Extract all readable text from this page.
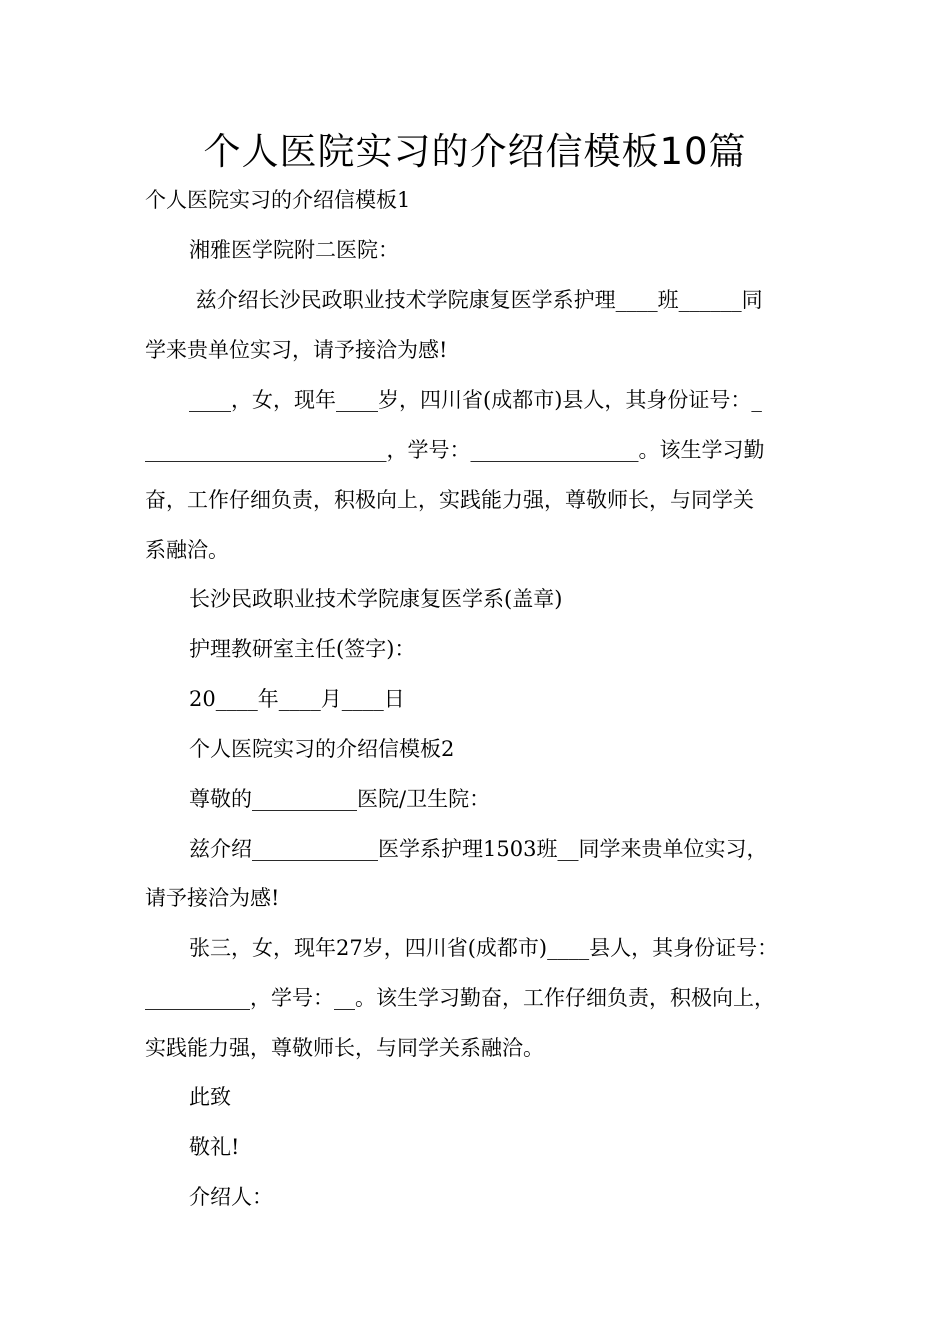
个人医院实习的介绍信模板10篇

个人医院实习的介绍信模板1

湘雅医学院附二医院：

兹介绍长沙民政职业技术学院康复医学系护理____班______同

学来贵单位实习，请予接洽为感!

____，女，现年____岁，四川省(成都市)县人，其身份证号：_

_______________________，学号：________________。该生学习勤

奋，工作仔细负责，积极向上，实践能力强，尊敬师长，与同学关

系融洽。

长沙民政职业技术学院康复医学系(盖章)

护理教研室主任(签字)：

20____年____月____日

个人医院实习的介绍信模板2

尊敬的__________医院/卫生院：

兹介绍____________医学系护理1503班__同学来贵单位实习，

请予接洽为感!

张三，女，现年27岁，四川省(成都市)____县人，其身份证号：

__________，学号：__。该生学习勤奋，工作仔细负责，积极向上，

实践能力强，尊敬师长，与同学关系融洽。

此致

敬礼!

介绍人：
